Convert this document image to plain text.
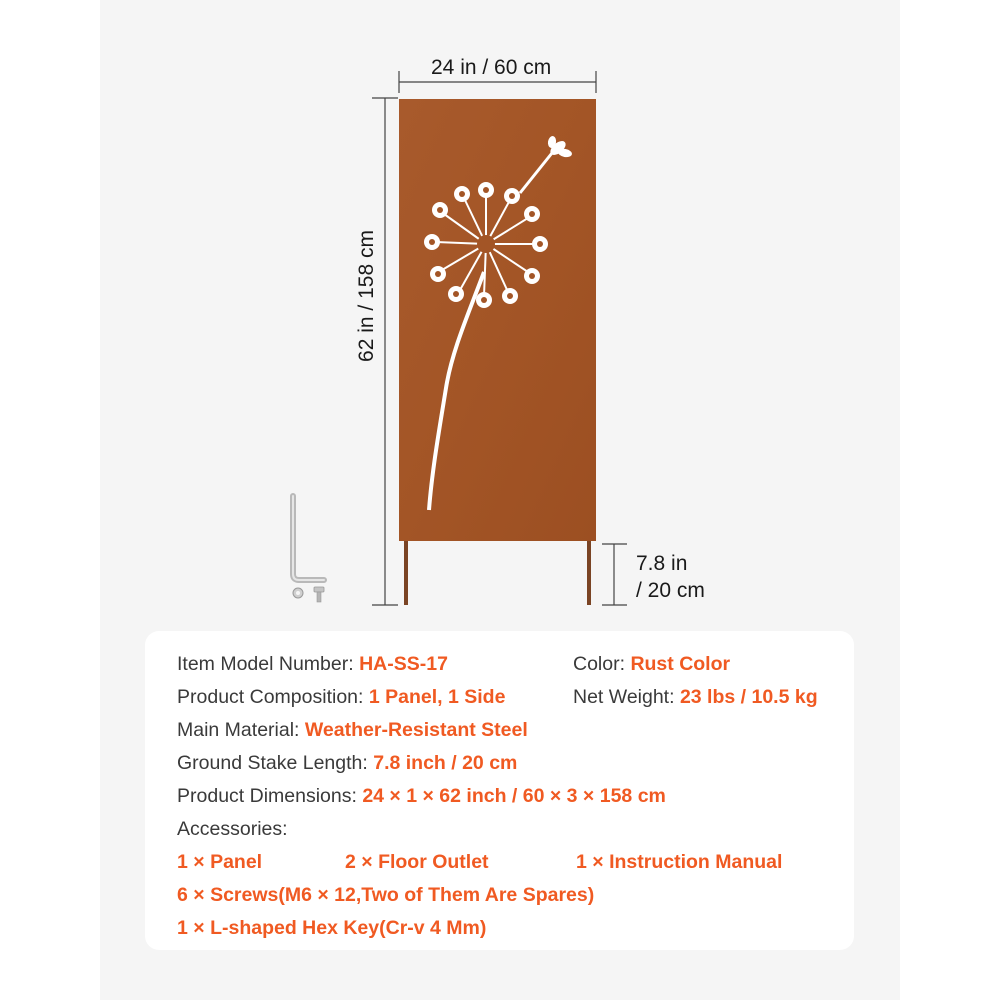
24 in / 60 cm
62 in / 158 cm
7.8 in
/ 20 cm
Item Model Number: HA-SS-17	Color: Rust Color
Product Composition: 1 Panel, 1 Side	Net Weight: 23 lbs / 10.5 kg
Main Material: Weather-Resistant Steel
Ground Stake Length: 7.8 inch / 20 cm
Product Dimensions: 24 × 1 × 62 inch / 60 × 3 × 158 cm
Accessories:
1 × Panel	2 × Floor Outlet	1 × Instruction Manual
6 × Screws(M6 × 12,Two of Them Are Spares)
1 × L-shaped Hex Key(Cr-v 4 Mm)
